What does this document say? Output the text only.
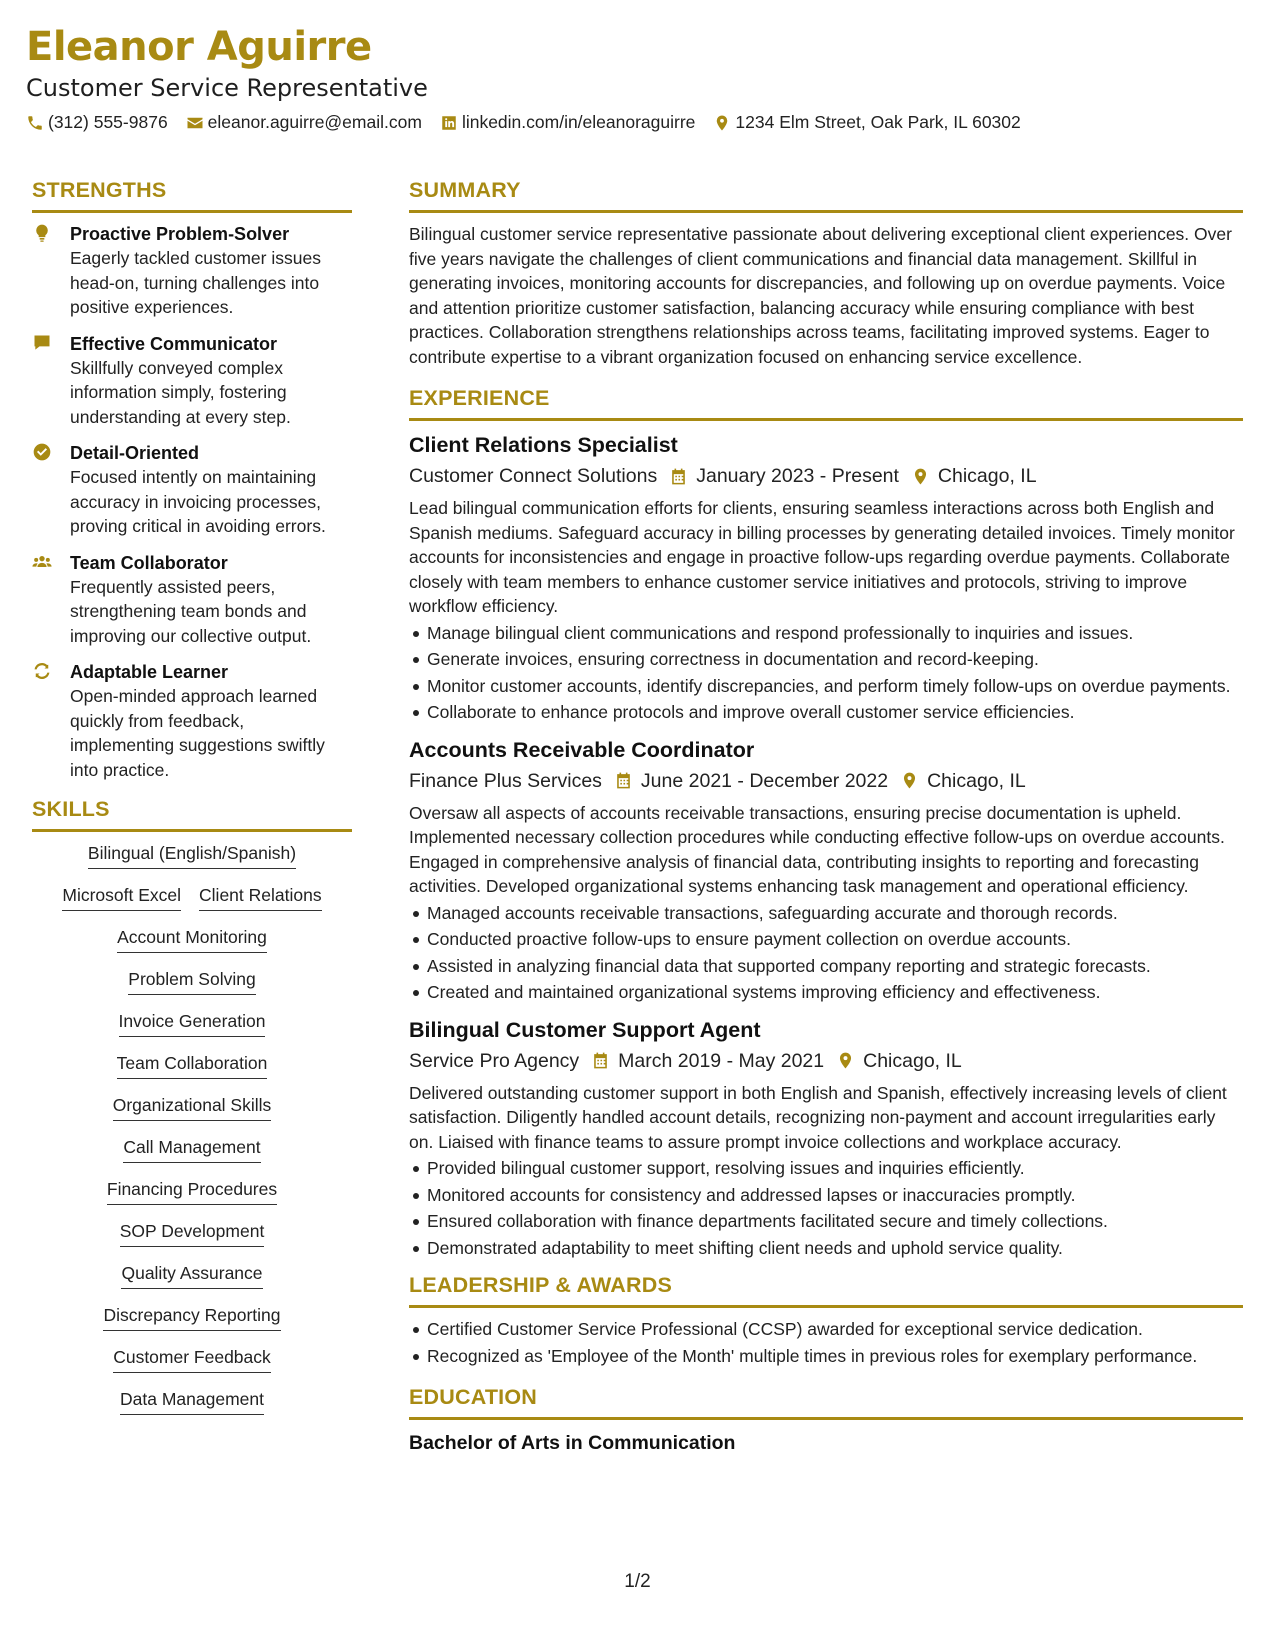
Eleanor Aguirre
Customer Service Representative
(312) 555-9876 eleanor.aguirre@email.com linkedin.com/in/eleanoraguirre 1234 Elm Street, Oak Park, IL 60302
STRENGTHS
Proactive Problem-Solver
Eagerly tackled customer issues head-on, turning challenges into positive experiences.
Effective Communicator
Skillfully conveyed complex information simply, fostering understanding at every step.
Detail-Oriented
Focused intently on maintaining accuracy in invoicing processes, proving critical in avoiding errors.
Team Collaborator
Frequently assisted peers, strengthening team bonds and improving our collective output.
Adaptable Learner
Open-minded approach learned quickly from feedback, implementing suggestions swiftly into practice.
SKILLS
Bilingual (English/Spanish)
Microsoft Excel Client Relations
Account Monitoring
Problem Solving
Invoice Generation
Team Collaboration
Organizational Skills
Call Management
Financing Procedures
SOP Development
Quality Assurance
Discrepancy Reporting
Customer Feedback
Data Management
SUMMARY
Bilingual customer service representative passionate about delivering exceptional client experiences. Over five years navigate the challenges of client communications and financial data management. Skillful in generating invoices, monitoring accounts for discrepancies, and following up on overdue payments. Voice and attention prioritize customer satisfaction, balancing accuracy while ensuring compliance with best practices. Collaboration strengthens relationships across teams, facilitating improved systems. Eager to contribute expertise to a vibrant organization focused on enhancing service excellence.
EXPERIENCE
Client Relations Specialist
Customer Connect Solutions January 2023 - Present Chicago, IL
Lead bilingual communication efforts for clients, ensuring seamless interactions across both English and Spanish mediums. Safeguard accuracy in billing processes by generating detailed invoices. Timely monitor accounts for inconsistencies and engage in proactive follow-ups regarding overdue payments. Collaborate closely with team members to enhance customer service initiatives and protocols, striving to improve workflow efficiency.
Manage bilingual client communications and respond professionally to inquiries and issues.
Generate invoices, ensuring correctness in documentation and record-keeping.
Monitor customer accounts, identify discrepancies, and perform timely follow-ups on overdue payments.
Collaborate to enhance protocols and improve overall customer service efficiencies.
Accounts Receivable Coordinator
Finance Plus Services June 2021 - December 2022 Chicago, IL
Oversaw all aspects of accounts receivable transactions, ensuring precise documentation is upheld. Implemented necessary collection procedures while conducting effective follow-ups on overdue accounts. Engaged in comprehensive analysis of financial data, contributing insights to reporting and forecasting activities. Developed organizational systems enhancing task management and operational efficiency.
Managed accounts receivable transactions, safeguarding accurate and thorough records.
Conducted proactive follow-ups to ensure payment collection on overdue accounts.
Assisted in analyzing financial data that supported company reporting and strategic forecasts.
Created and maintained organizational systems improving efficiency and effectiveness.
Bilingual Customer Support Agent
Service Pro Agency March 2019 - May 2021 Chicago, IL
Delivered outstanding customer support in both English and Spanish, effectively increasing levels of client satisfaction. Diligently handled account details, recognizing non-payment and account irregularities early on. Liaised with finance teams to assure prompt invoice collections and workplace accuracy.
Provided bilingual customer support, resolving issues and inquiries efficiently.
Monitored accounts for consistency and addressed lapses or inaccuracies promptly.
Ensured collaboration with finance departments facilitated secure and timely collections.
Demonstrated adaptability to meet shifting client needs and uphold service quality.
LEADERSHIP & AWARDS
Certified Customer Service Professional (CCSP) awarded for exceptional service dedication.
Recognized as 'Employee of the Month' multiple times in previous roles for exemplary performance.
EDUCATION
Bachelor of Arts in Communication
1/2
